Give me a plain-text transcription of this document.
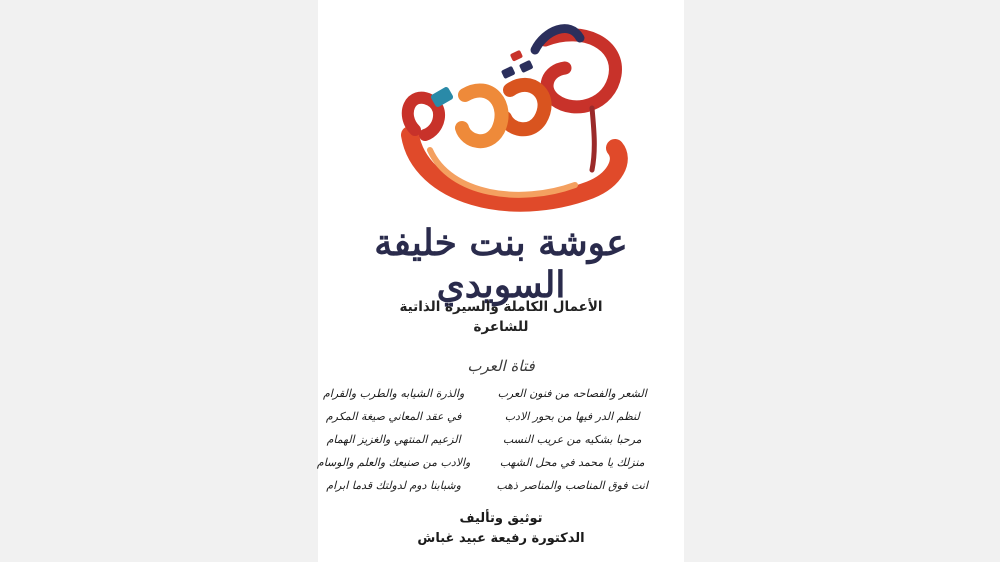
عوشة بنت خليفة السويدي
الأعمال الكاملة والسيرة الذاتية
للشاعرة
فتاة العرب
الشعر والفصاحه من فنون العرب
والذرة الشيابه والطرب والقرام
لنظم الدر فيها من بحور الادب
في عقد المعاني صيغة المكرم
مرحبا بشكيه من عريب النسب
الزعيم المنتهي والغزيز الهمام
منزلك يا محمد في محل الشهب
والادب من صنيعك والعلم والوسام
انت فوق المناصب والمناصر ذهب
وشبابنا دوم لدولتك قدما ابرام
توثيق وتأليف
الدكتورة رفيعة عبيد غباش
